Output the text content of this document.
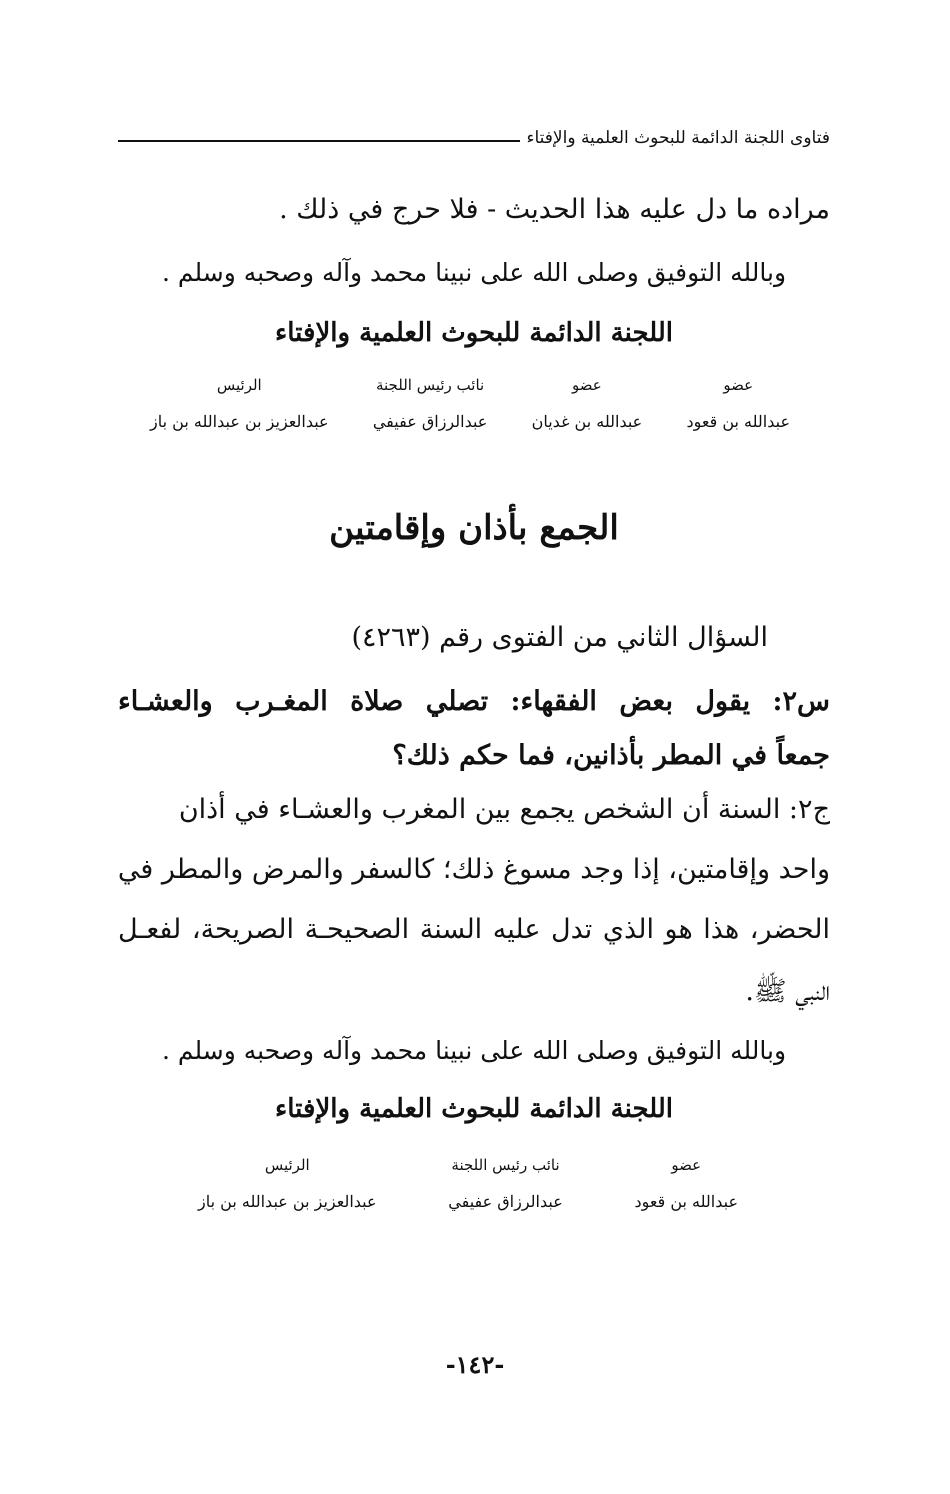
فتاوى اللجنة الدائمة للبحوث العلمية والإفتاء
مراده ما دل عليه هذا الحديث - فلا حرج في ذلك .
وبالله التوفيق وصلى الله على نبينا محمد وآله وصحبه وسلم .
اللجنة الدائمة للبحوث العلمية والإفتاء
عضو
عبدالله بن قعود
عضو
عبدالله بن غديان
نائب رئيس اللجنة
عبدالرزاق عفيفي
الرئيس
عبدالعزيز بن عبدالله بن باز
الجمع بأذان وإقامتين
السؤال الثاني من الفتوى رقم (٤٢٦٣)
س٢: يقول بعض الفقهاء: تصلي صلاة المغـرب والعشـاء
جمعاً في المطر بأذانين، فما حكم ذلك؟
ج٢: السنة أن الشخص يجمع بين المغرب والعشـاء في أذان
واحد وإقامتين، إذا وجد مسوغ ذلك؛ كالسفر والمرض والمطر في
الحضر، هذا هو الذي تدل عليه السنة الصحيحـة الصريحة، لفعـل
النبي ﷺ.
وبالله التوفيق وصلى الله على نبينا محمد وآله وصحبه وسلم .
اللجنة الدائمة للبحوث العلمية والإفتاء
عضو
عبدالله بن قعود
نائب رئيس اللجنة
عبدالرزاق عفيفي
الرئيس
عبدالعزيز بن عبدالله بن باز
-١٤٢-
